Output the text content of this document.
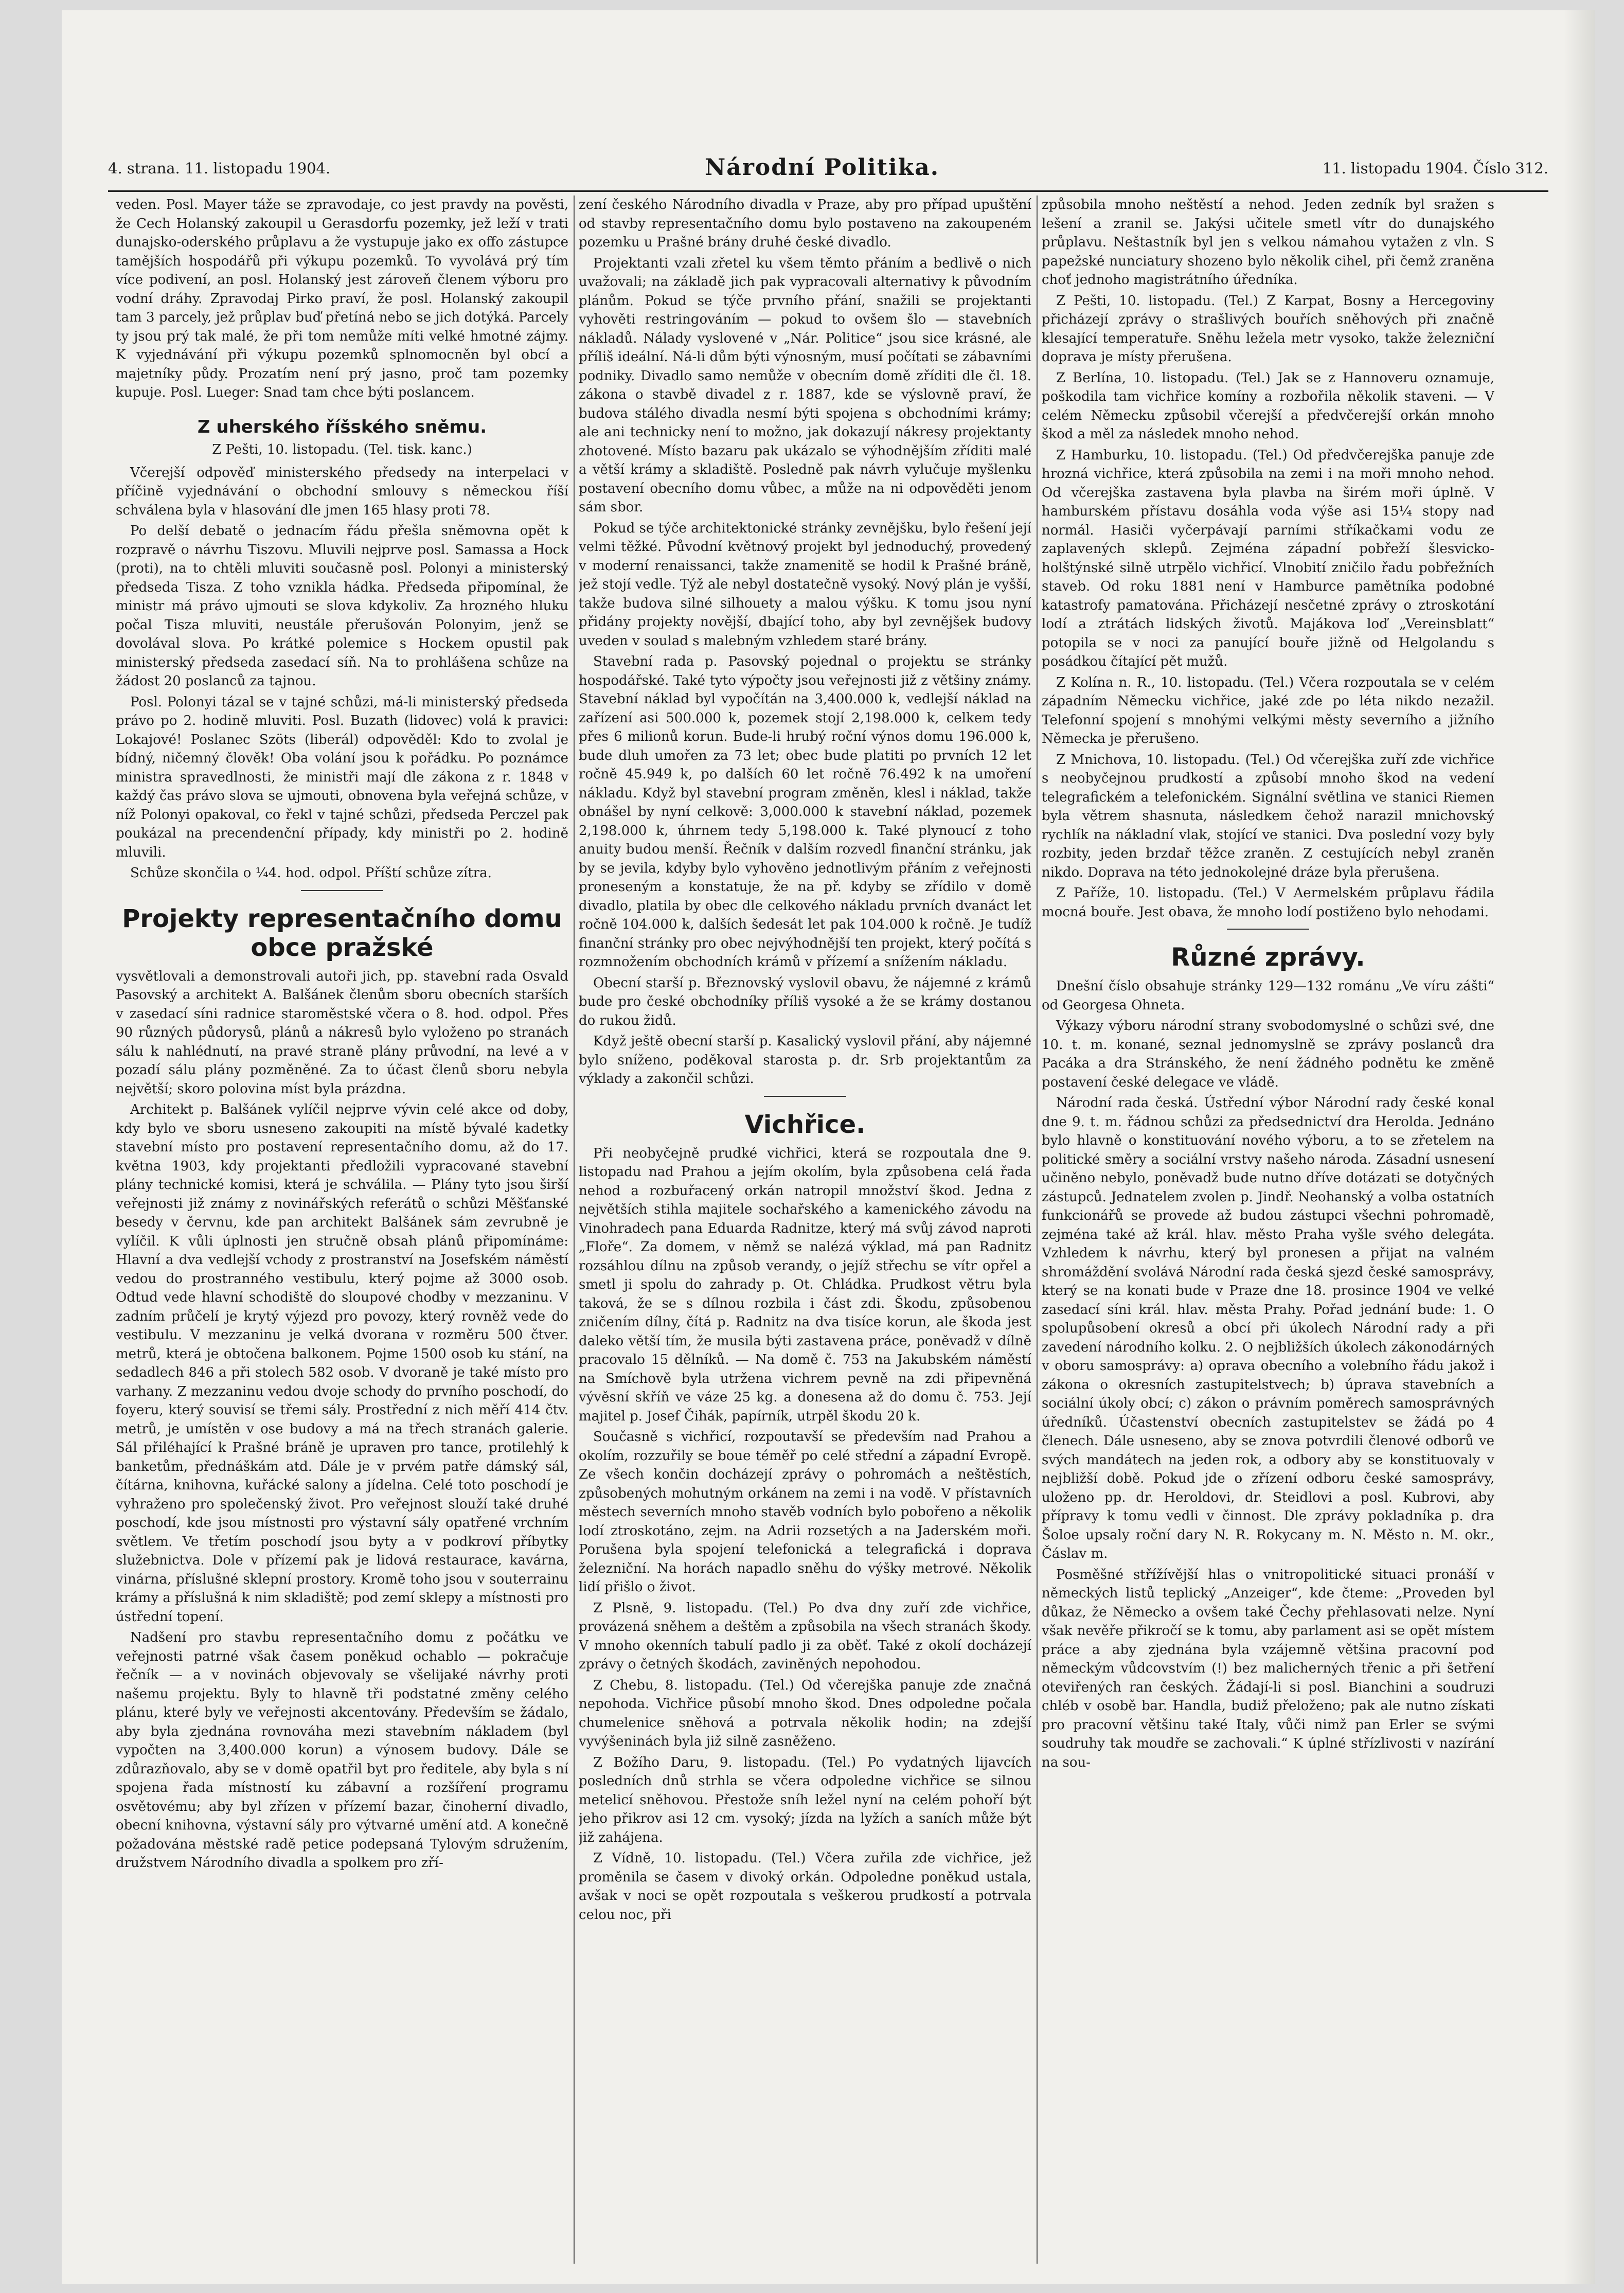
4. strana. 11. listopadu 1904.	Národní Politika.	11. listopadu 1904. Číslo 312.

veden. Posl. Mayer táže se zpravodaje, co jest pravdy na pověsti, že Cech Holanský zakoupil u Gerasdorfu pozemky, jež leží v trati dunajsko-oderského průplavu a že vystupuje jako ex offo zástupce tamějších hospodářů při výkupu pozemků. To vyvolává prý tím více podivení, an posl. Holanský jest zároveň členem výboru pro vodní dráhy. Zpravodaj Pirko praví, že posl. Holanský zakoupil tam 3 parcely, jež průplav buď přetíná nebo se jich dotýká. Parcely ty jsou prý tak malé, že při tom nemůže míti velké hmotné zájmy. K vyjednávání při výkupu pozemků splnomocněn byl obcí a majetníky půdy. Prozatím není prý jasno, proč tam pozemky kupuje. Posl. Lueger: Snad tam chce býti poslancem.

Z uherského říšského sněmu.

Z Pešti, 10. listopadu. (Tel. tisk. kanc.)

Včerejší odpověď ministerského předsedy na interpelaci v příčině vyjednávání o obchodní smlouvy s německou říší schválena byla v hlasování dle jmen 165 hlasy proti 78.

Po delší debatě o jednacím řádu přešla sněmovna opět k rozpravě o návrhu Tiszovu. Mluvili nejprve posl. Samassa a Hock (proti), na to chtěli mluviti současně posl. Polonyi a ministerský předseda Tisza. Z toho vznikla hádka. Předseda připomínal, že ministr má právo ujmouti se slova kdykoliv. Za hrozného hluku počal Tisza mluviti, neustále přerušován Polonyim, jenž se dovolával slova. Po krátké polemice s Hockem opustil pak ministerský předseda zasedací síň. Na to prohlášena schůze na žádost 20 poslanců za tajnou.

Posl. Polonyi tázal se v tajné schůzi, má-li ministerský předseda právo po 2. hodině mluviti. Posl. Buzath (lidovec) volá k pravici: Lokajové! Poslanec Szöts (liberál) odpověděl: Kdo to zvolal je bídný, ničemný člověk! Oba volání jsou k pořádku. Po poznámce ministra spravedlnosti, že ministři mají dle zákona z r. 1848 v každý čas právo slova se ujmouti, obnovena byla veřejná schůze, v níž Polonyi opakoval, co řekl v tajné schůzi, předseda Perczel pak poukázal na precendenční případy, kdy ministři po 2. hodině mluvili.

Schůze skončila o ¼4. hod. odpol. Příští schůze zítra.

Projekty representačního domu obce pražské

vysvětlovali a demonstrovali autoři jich, pp. stavební rada Osvald Pasovský a architekt A. Balšánek členům sboru obecních starších v zasedací síni radnice staroměstské včera o 8. hod. odpol. Přes 90 různých půdorysů, plánů a nákresů bylo vyloženo po stranách sálu k nahlédnutí, na pravé straně plány průvodní, na levé a v pozadí sálu plány pozměněné. Za to účast členů sboru nebyla největší; skoro polovina míst byla prázdna.

Architekt p. Balšánek vylíčil nejprve vývin celé akce od doby, kdy bylo ve sboru usneseno zakoupiti na místě bývalé kadetky stavební místo pro postavení representačního domu, až do 17. května 1903, kdy projektanti předložili vypracované stavební plány technické komisi, která je schválila. — Plány tyto jsou širší veřejnosti již známy z novinářských referátů o schůzi Měšťanské besedy v červnu, kde pan architekt Balšánek sám zevrubně je vylíčil. K vůli úplnosti jen stručně obsah plánů připomínáme: Hlavní a dva vedlejší vchody z prostranství na Josefském náměstí vedou do prostranného vestibulu, který pojme až 3000 osob. Odtud vede hlavní schodiště do sloupové chodby v mezzaninu. V zadním průčelí je krytý výjezd pro povozy, který rovněž vede do vestibulu. V mezzaninu je velká dvorana v rozměru 500 čtver. metrů, která je obtočena balkonem. Pojme 1500 osob ku stání, na sedadlech 846 a při stolech 582 osob. V dvoraně je také místo pro varhany. Z mezzaninu vedou dvoje schody do prvního poschodí, do foyeru, který souvisí se třemi sály. Prostřední z nich měří 414 čtv. metrů, je umístěn v ose budovy a má na třech stranách galerie. Sál přiléhající k Prašné bráně je upraven pro tance, protilehlý k banketům, přednáškám atd. Dále je v prvém patře dámský sál, čítárna, knihovna, kuřácké salony a jídelna. Celé toto poschodí je vyhraženo pro společenský život. Pro veřejnost slouží také druhé poschodí, kde jsou místnosti pro výstavní sály opatřené vrchním světlem. Ve třetím poschodí jsou byty a v podkroví příbytky služebnictva. Dole v přízemí pak je lidová restaurace, kavárna, vinárna, příslušné sklepní prostory. Kromě toho jsou v souterrainu krámy a příslušná k nim skladiště; pod zemí sklepy a místnosti pro ústřední topení.

Nadšení pro stavbu representačního domu z počátku ve veřejnosti patrné však časem poněkud ochablo — pokračuje řečník — a v novinách objevovaly se všelijaké návrhy proti našemu projektu. Byly to hlavně tři podstatné změny celého plánu, které byly ve veřejnosti akcentovány. Především se žádalo, aby byla zjednána rovnováha mezi stavebním nákladem (byl vypočten na 3,400.000 korun) a výnosem budovy. Dále se zdůrazňovalo, aby se v domě opatřil byt pro ředitele, aby byla s ní spojena řada místností ku zábavní a rozšíření programu osvětovému; aby byl zřízen v přízemí bazar, činoherní divadlo, obecní knihovna, výstavní sály pro výtvarné umění atd. A konečně požadována městské radě petice podepsaná Tylovým sdružením, družstvem Národního divadla a spolkem pro zří-

zení českého Národního divadla v Praze, aby pro případ upuštění od stavby representačního domu bylo postaveno na zakoupeném pozemku u Prašné brány druhé české divadlo.

Projektanti vzali zřetel ku všem těmto přáním a bedlivě o nich uvažovali; na základě jich pak vypracovali alternativy k původním plánům. Pokud se týče prvního přání, snažili se projektanti vyhověti restringováním — pokud to ovšem šlo — stavebních nákladů. Nálady vyslovené v „Nár. Politice“ jsou sice krásné, ale příliš ideální. Ná-li dům býti výnosným, musí počítati se zábavními podniky. Divadlo samo nemůže v obecním domě zříditi dle čl. 18. zákona o stavbě divadel z r. 1887, kde se výslovně praví, že budova stálého divadla nesmí býti spojena s obchodními krámy; ale ani technicky není to možno, jak dokazují nákresy projektanty zhotovené. Místo bazaru pak ukázalo se výhodnějším zříditi malé a větší krámy a skladiště. Posledně pak návrh vylučuje myšlenku postavení obecního domu vůbec, a může na ni odpověděti jenom sám sbor.

Pokud se týče architektonické stránky zevnějšku, bylo řešení její velmi těžké. Původní květnový projekt byl jednoduchý, provedený v moderní renaissanci, takže znamenitě se hodil k Prašné bráně, jež stojí vedle. Týž ale nebyl dostatečně vysoký. Nový plán je vyšší, takže budova silné silhouety a malou výšku. K tomu jsou nyní přidány projekty novější, dbající toho, aby byl zevnějšek budovy uveden v soulad s malebným vzhledem staré brány.

Stavební rada p. Pasovský pojednal o projektu se stránky hospodářské. Také tyto výpočty jsou veřejnosti již z většiny známy. Stavební náklad byl vypočítán na 3,400.000 k, vedlejší náklad na zařízení asi 500.000 k, pozemek stojí 2,198.000 k, celkem tedy přes 6 milionů korun. Bude-li hrubý roční výnos domu 196.000 k, bude dluh umořen za 73 let; obec bude platiti po prvních 12 let ročně 45.949 k, po dalších 60 let ročně 76.492 k na umoření nákladu. Když byl stavební program změněn, klesl i náklad, takže obnášel by nyní celkově: 3,000.000 k stavební náklad, pozemek 2,198.000 k, úhrnem tedy 5,198.000 k. Také plynoucí z toho anuity budou menší. Řečník v dalším rozvedl finanční stránku, jak by se jevila, kdyby bylo vyhověno jednotlivým přáním z veřejnosti proneseným a konstatuje, že na př. kdyby se zřídilo v domě divadlo, platila by obec dle celkového nákladu prvních dvanáct let ročně 104.000 k, dalších šedesát let pak 104.000 k ročně. Je tudíž finanční stránky pro obec nejvýhodnější ten projekt, který počítá s rozmnožením obchodních krámů v přízemí a snížením nákladu.

Obecní starší p. Březnovský vyslovil obavu, že nájemné z krámů bude pro české obchodníky příliš vysoké a že se krámy dostanou do rukou židů.

Když ještě obecní starší p. Kasalický vyslovil přání, aby nájemné bylo sníženo, poděkoval starosta p. dr. Srb projektantům za výklady a zakončil schůzi.

Vichřice.

Při neobyčejně prudké vichřici, která se rozpoutala dne 9. listopadu nad Prahou a jejím okolím, byla způsobena celá řada nehod a rozbuřacený orkán natropil množství škod. Jedna z největších stihla majitele sochařského a kamenického závodu na Vinohradech pana Eduarda Radnitze, který má svůj závod naproti „Floře“. Za domem, v němž se nalézá výklad, má pan Radnitz rozsáhlou dílnu na způsob verandy, o jejíž střechu se vítr opřel a smetl ji spolu do zahrady p. Ot. Chládka. Prudkost větru byla taková, že se s dílnou rozbila i část zdi. Škodu, způsobenou zničením dílny, čítá p. Radnitz na dva tisíce korun, ale škoda jest daleko větší tím, že musila býti zastavena práce, poněvadž v dílně pracovalo 15 dělníků. — Na domě č. 753 na Jakubském náměstí na Smíchově byla utržena vichrem pevně na zdi připevněná vývěsní skříň ve váze 25 kg. a donesena až do domu č. 753. Její majitel p. Josef Čihák, papírník, utrpěl škodu 20 k.

Současně s vichřicí, rozpoutavší se především nad Prahou a okolím, rozzuřily se boue téměř po celé střední a západní Evropě. Ze všech končin docházejí zprávy o pohromách a neštěstích, způsobených mohutným orkánem na zemi i na vodě. V přístavních městech severních mnoho stavěb vodních bylo pobořeno a několik lodí ztroskotáno, zejm. na Adrii rozsetých a na Jaderském moři. Porušena byla spojení telefonická a telegrafická i doprava železniční. Na horách napadlo sněhu do výšky metrové. Několik lidí přišlo o život.

Z Plsně, 9. listopadu. (Tel.) Po dva dny zuří zde vichřice, provázená sněhem a deštěm a způsobila na všech stranách škody. V mnoho okenních tabulí padlo ji za oběť. Také z okolí docházejí zprávy o četných škodách, zaviněných nepohodou.

Z Chebu, 8. listopadu. (Tel.) Od včerejška panuje zde značná nepohoda. Vichřice působí mnoho škod. Dnes odpoledne počala chumelenice sněhová a potrvala několik hodin; na zdejší vyvýšeninách byla již silně zasněženo.

Z Božího Daru, 9. listopadu. (Tel.) Po vydatných lijavcích posledních dnů strhla se včera odpoledne vichřice se silnou metelicí sněhovou. Přestože sníh ležel nyní na celém pohoří být jeho přikrov asi 12 cm. vysoký; jízda na lyžích a saních může být již zahájena.

Z Vídně, 10. listopadu. (Tel.) Včera zuřila zde vichřice, jež proměnila se časem v divoký orkán. Odpoledne poněkud ustala, avšak v noci se opět rozpoutala s veškerou prudkostí a potrvala celou noc, při

způsobila mnoho neštěstí a nehod. Jeden zedník byl sražen s lešení a zranil se. Jakýsi učitele smetl vítr do dunajského průplavu. Neštastník byl jen s velkou námahou vytažen z vln. S papežské nunciatury shozeno bylo několik cihel, při čemž zraněna choť jednoho magistrátního úředníka.

Z Pešti, 10. listopadu. (Tel.) Z Karpat, Bosny a Hercegoviny přicházejí zprávy o strašlivých bouřích sněhových při značně klesající temperatuře. Sněhu ležela metr vysoko, takže železniční doprava je místy přerušena.

Z Berlína, 10. listopadu. (Tel.) Jak se z Hannoveru oznamuje, poškodila tam vichřice komíny a rozbořila několik staveni. — V celém Německu způsobil včerejší a předvčerejší orkán mnoho škod a měl za následek mnoho nehod.

Z Hamburku, 10. listopadu. (Tel.) Od předvčerejška panuje zde hrozná vichřice, která způsobila na zemi i na moři mnoho nehod. Od včerejška zastavena byla plavba na širém moři úplně. V hamburském přístavu dosáhla voda výše asi 15¼ stopy nad normál. Hasiči vyčerpávají parními stříkačkami vodu ze zaplavených sklepů. Zejména západní pobřeží šlesvicko-holštýnské silně utrpělo vichřicí. Vlnobití zničilo řadu pobřežních staveb. Od roku 1881 není v Hamburce pamětníka podobné katastrofy pamatována. Přicházejí nesčetné zprávy o ztroskotání lodí a ztrátách lidských životů. Majákova loď „Vereinsblatt“ potopila se v noci za panující bouře jižně od Helgolandu s posádkou čítající pět mužů.

Z Kolína n. R., 10. listopadu. (Tel.) Včera rozpoutala se v celém západním Německu vichřice, jaké zde po léta nikdo nezažil. Telefonní spojení s mnohými velkými městy severního a jižního Německa je přerušeno.

Z Mnichova, 10. listopadu. (Tel.) Od včerejška zuří zde vichřice s neobyčejnou prudkostí a způsobí mnoho škod na vedení telegrafickém a telefonickém. Signální světlina ve stanici Riemen byla větrem shasnuta, následkem čehož narazil mnichovský rychlík na nákladní vlak, stojící ve stanici. Dva poslední vozy byly rozbity, jeden brzdař těžce zraněn. Z cestujících nebyl zraněn nikdo. Doprava na této jednokolejné dráze byla přerušena.

Z Paříže, 10. listopadu. (Tel.) V Aermelském průplavu řádila mocná bouře. Jest obava, že mnoho lodí postiženo bylo nehodami.

Různé zprávy.

Dnešní číslo obsahuje stránky 129—132 románu „Ve víru zášti“ od Georgesa Ohneta.

Výkazy výboru národní strany svobodomyslné o schůzi své, dne 10. t. m. konané, seznal jednomyslně se zprávy poslanců dra Pacáka a dra Stránského, že není žádného podnětu ke změně postavení české delegace ve vládě.

Národní rada česká. Ústřední výbor Národní rady české konal dne 9. t. m. řádnou schůzi za předsednictví dra Herolda. Jednáno bylo hlavně o konstituování nového výboru, a to se zřetelem na politické směry a sociální vrstvy našeho národa. Zásadní usnesení učiněno nebylo, poněvadž bude nutno dříve dotázati se dotyčných zástupců. Jednatelem zvolen p. Jindř. Neohanský a volba ostatních funkcionářů se provede až budou zástupci všechni pohromadě, zejména také až král. hlav. město Praha vyšle svého delegáta. Vzhledem k návrhu, který byl pronesen a přijat na valném shromáždění svolává Národní rada česká sjezd české samosprávy, který se na konati bude v Praze dne 18. prosince 1904 ve velké zasedací síni král. hlav. města Prahy. Pořad jednání bude: 1. O spolupůsobení okresů a obcí při úkolech Národní rady a při zavedení národního kolku. 2. O nejbližších úkolech zákonodárných v oboru samosprávy: a) oprava obecního a volebního řádu jakož i zákona o okresních zastupitelstvech; b) úprava stavebních a sociální úkoly obcí; c) zákon o právním poměrech samosprávných úředníků. Účastenství obecních zastupitelstev se žádá po 4 členech. Dále usneseno, aby se znova potvrdili členové odborů ve svých mandátech na jeden rok, a odbory aby se konstituovaly v nejbližší době. Pokud jde o zřízení odboru české samosprávy, uloženo pp. dr. Heroldovi, dr. Steidlovi a posl. Kubrovi, aby přípravy k tomu vedli v činnost. Dle zprávy pokladníka p. dra Šoloe upsaly roční dary N. R. Rokycany m. N. Město n. M. okr., Čáslav m.

Posměšné střížívější hlas o vnitropolitické situaci pronáší v německých listů teplický „Anzeiger“, kde čteme: „Proveden byl důkaz, že Německo a ovšem také Čechy přehlasovati nelze. Nyní však nevěře přikročí se k tomu, aby parlament asi se opět místem práce a aby zjednána byla vzájemně většina pracovní pod německým vůdcovstvím (!) bez malicherných třenic a při šetření oteviřených ran českých. Žádají-li si posl. Bianchini a soudruzi chléb v osobě bar. Handla, budiž přeloženo; pak ale nutno získati pro pracovní většinu také Italy, vůči nimž pan Erler se svými soudruhy tak moudře se zachovali.“ K úplné střízlivosti v nazírání na sou-
